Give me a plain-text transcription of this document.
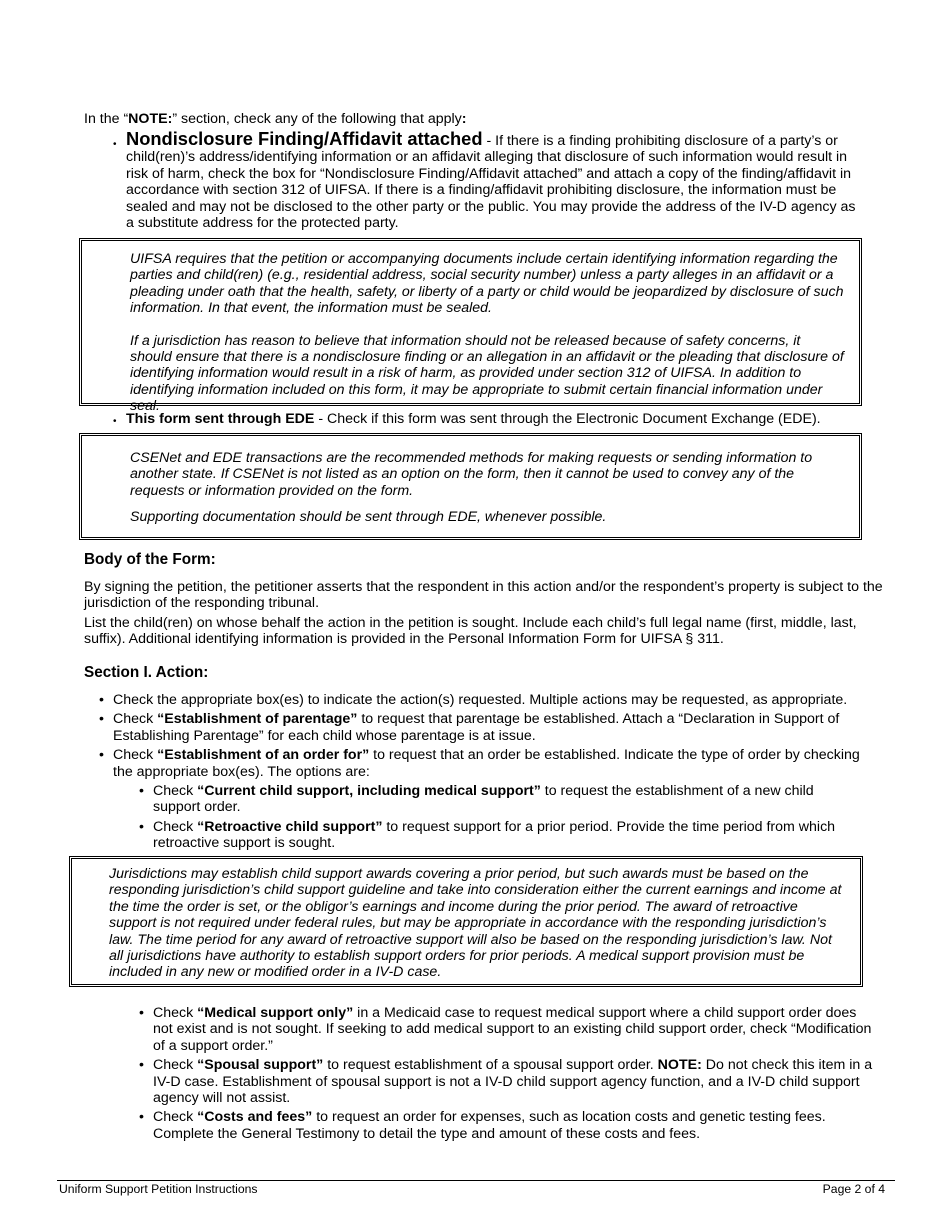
In the “NOTE:” section, check any of the following that apply:

• Nondisclosure Finding/Affidavit attached - If there is a finding prohibiting disclosure of a party’s or child(ren)’s address/identifying information or an affidavit alleging that disclosure of such information would result in risk of harm, check the box for “Nondisclosure Finding/Affidavit attached” and attach a copy of the finding/affidavit in accordance with section 312 of UIFSA. If there is a finding/affidavit prohibiting disclosure, the information must be sealed and may not be disclosed to the other party or the public. You may provide the address of the IV-D agency as a substitute address for the protected party.

UIFSA requires that the petition or accompanying documents include certain identifying information regarding the parties and child(ren) (e.g., residential address, social security number) unless a party alleges in an affidavit or a pleading under oath that the health, safety, or liberty of a party or child would be jeopardized by disclosure of such information. In that event, the information must be sealed.

If a jurisdiction has reason to believe that information should not be released because of safety concerns, it should ensure that there is a nondisclosure finding or an allegation in an affidavit or the pleading that disclosure of identifying information would result in a risk of harm, as provided under section 312 of UIFSA. In addition to identifying information included on this form, it may be appropriate to submit certain financial information under seal.

• This form sent through EDE - Check if this form was sent through the Electronic Document Exchange (EDE).

CSENet and EDE transactions are the recommended methods for making requests or sending information to another state. If CSENet is not listed as an option on the form, then it cannot be used to convey any of the requests or information provided on the form.

Supporting documentation should be sent through EDE, whenever possible.

Body of the Form:

By signing the petition, the petitioner asserts that the respondent in this action and/or the respondent’s property is subject to the jurisdiction of the responding tribunal.

List the child(ren) on whose behalf the action in the petition is sought. Include each child’s full legal name (first, middle, last, suffix). Additional identifying information is provided in the Personal Information Form for UIFSA § 311.

Section I. Action:

• Check the appropriate box(es) to indicate the action(s) requested. Multiple actions may be requested, as appropriate.
• Check “Establishment of parentage” to request that parentage be established. Attach a “Declaration in Support of Establishing Parentage” for each child whose parentage is at issue.
• Check “Establishment of an order for” to request that an order be established. Indicate the type of order by checking the appropriate box(es). The options are:
• Check “Current child support, including medical support” to request the establishment of a new child support order.
• Check “Retroactive child support” to request support for a prior period. Provide the time period from which retroactive support is sought.

Jurisdictions may establish child support awards covering a prior period, but such awards must be based on the responding jurisdiction’s child support guideline and take into consideration either the current earnings and income at the time the order is set, or the obligor’s earnings and income during the prior period. The award of retroactive support is not required under federal rules, but may be appropriate in accordance with the responding jurisdiction’s law. The time period for any award of retroactive support will also be based on the responding jurisdiction’s law. Not all jurisdictions have authority to establish support orders for prior periods. A medical support provision must be included in any new or modified order in a IV-D case.

• Check “Medical support only” in a Medicaid case to request medical support where a child support order does not exist and is not sought. If seeking to add medical support to an existing child support order, check “Modification of a support order.”
• Check “Spousal support” to request establishment of a spousal support order. NOTE: Do not check this item in a IV-D case. Establishment of spousal support is not a IV-D child support agency function, and a IV-D child support agency will not assist.
• Check “Costs and fees” to request an order for expenses, such as location costs and genetic testing fees. Complete the General Testimony to detail the type and amount of these costs and fees.
Uniform Support Petition Instructions	Page 2 of 4
